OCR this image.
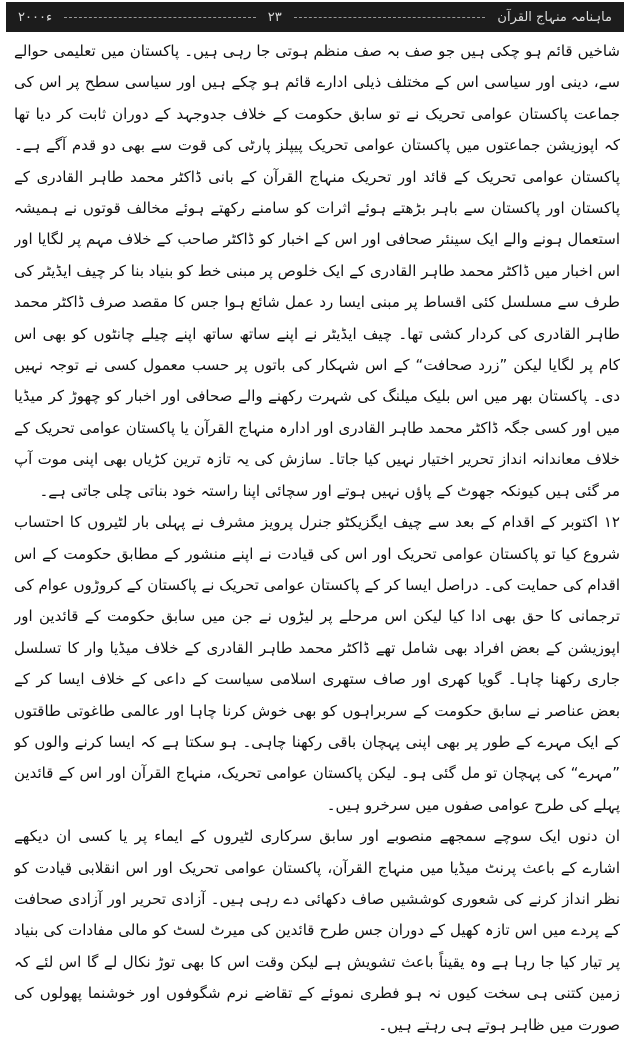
۲۰۰۰ء	۲۳	ماہنامہ منہاج القرآن

شاخیں قائم ہو چکی ہیں جو صف بہ صف منظم ہوتی جا رہی ہیں۔ پاکستان میں تعلیمی حوالے سے، دینی اور سیاسی اس کے مختلف ذیلی ادارے قائم ہو چکے ہیں اور سیاسی سطح پر اس کی جماعت پاکستان عوامی تحریک نے تو سابق حکومت کے خلاف جدوجہد کے دوران ثابت کر دیا تھا کہ اپوزیشن جماعتوں میں پاکستان عوامی تحریک پیپلز پارٹی کی قوت سے بھی دو قدم آگے ہے۔ پاکستان عوامی تحریک کے قائد اور تحریک منہاج القرآن کے بانی ڈاکٹر محمد طاہر القادری کے پاکستان اور پاکستان سے باہر بڑھتے ہوئے اثرات کو سامنے رکھتے ہوئے مخالف قوتوں نے ہمیشہ استعمال ہونے والے ایک سینئر صحافی اور اس کے اخبار کو ڈاکٹر صاحب کے خلاف مہم پر لگایا اور اس اخبار میں ڈاکٹر محمد طاہر القادری کے ایک خلوص پر مبنی خط کو بنیاد بنا کر چیف ایڈیٹر کی طرف سے مسلسل کئی اقساط پر مبنی ایسا رد عمل شائع ہوا جس کا مقصد صرف ڈاکٹر محمد طاہر القادری کی کردار کشی تھا۔ چیف ایڈیٹر نے اپنے ساتھ ساتھ اپنے چیلے چانٹوں کو بھی اس کام پر لگایا لیکن ”زرد صحافت“ کے اس شہکار کی باتوں پر حسب معمول کسی نے توجہ نہیں دی۔ پاکستان بھر میں اس بلیک میلنگ کی شہرت رکھنے والے صحافی اور اخبار کو چھوڑ کر میڈیا میں اور کسی جگہ ڈاکٹر محمد طاہر القادری اور ادارہ منہاج القرآن یا پاکستان عوامی تحریک کے خلاف معاندانہ انداز تحریر اختیار نہیں کیا جاتا۔ سازش کی یہ تازہ ترین کڑیاں بھی اپنی موت آپ مر گئی ہیں کیونکہ جھوٹ کے پاؤں نہیں ہوتے اور سچائی اپنا راستہ خود بناتی چلی جاتی ہے۔

۱۲ اکتوبر کے اقدام کے بعد سے چیف ایگزیکٹو جنرل پرویز مشرف نے پہلی بار لٹیروں کا احتساب شروع کیا تو پاکستان عوامی تحریک اور اس کی قیادت نے اپنے منشور کے مطابق حکومت کے اس اقدام کی حمایت کی۔ دراصل ایسا کر کے پاکستان عوامی تحریک نے پاکستان کے کروڑوں عوام کی ترجمانی کا حق بھی ادا کیا لیکن اس مرحلے پر لیڑوں نے جن میں سابق حکومت کے قائدین اور اپوزیشن کے بعض افراد بھی شامل تھے ڈاکٹر محمد طاہر القادری کے خلاف میڈیا وار کا تسلسل جاری رکھنا چاہا۔ گویا کھری اور صاف ستھری اسلامی سیاست کے داعی کے خلاف ایسا کر کے بعض عناصر نے سابق حکومت کے سربراہوں کو بھی خوش کرنا چاہا اور عالمی طاغوتی طاقتوں کے ایک مہرے کے طور پر بھی اپنی پہچان باقی رکھنا چاہی۔ ہو سکتا ہے کہ ایسا کرنے والوں کو ”مہرے“ کی پہچان تو مل گئی ہو۔ لیکن پاکستان عوامی تحریک، منہاج القرآن اور اس کے قائدین پہلے کی طرح عوامی صفوں میں سرخرو ہیں۔

ان دنوں ایک سوچے سمجھے منصوبے اور سابق سرکاری لٹیروں کے ایماء پر یا کسی ان دیکھے اشارے کے باعث پرنٹ میڈیا میں منہاج القرآن، پاکستان عوامی تحریک اور اس انقلابی قیادت کو نظر انداز کرنے کی شعوری کوششیں صاف دکھائی دے رہی ہیں۔ آزادی تحریر اور آزادی صحافت کے پردے میں اس تازہ کھیل کے دوران جس طرح قائدین کی میرٹ لسٹ کو مالی مفادات کی بنیاد پر تیار کیا جا رہا ہے وہ یقیناً باعث تشویش ہے لیکن وقت اس کا بھی توڑ نکال لے گا اس لئے کہ زمین کتنی ہی سخت کیوں نہ ہو فطری نموئے کے تقاضے نرم شگوفوں اور خوشنما پھولوں کی صورت میں ظاہر ہوتے ہی رہتے ہیں۔
